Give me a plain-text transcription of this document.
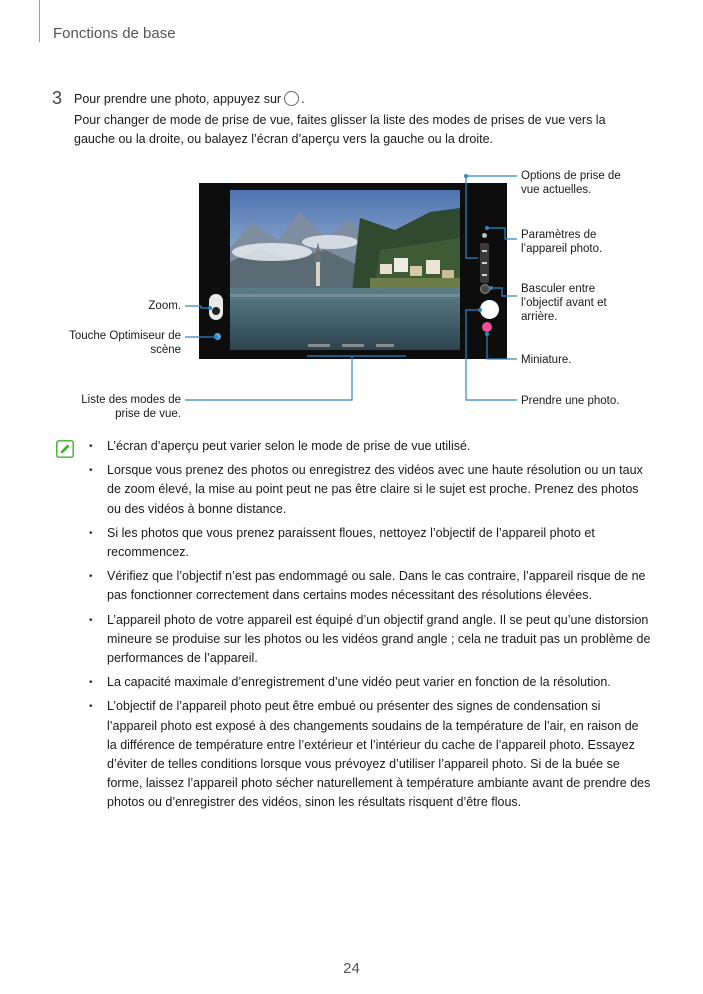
Fonctions de base
3 Pour prendre une photo, appuyez sur .
Pour changer de mode de prise de vue, faites glisser la liste des modes de prises de vue vers la gauche ou la droite, ou balayez l’écran d’aperçu vers la gauche ou la droite.
Options de prise de vue actuelles.
Paramètres de l’appareil photo.
Basculer entre l’objectif avant et arrière.
Miniature.
Prendre une photo.
Zoom.
Touche Optimiseur de scène
Liste des modes de prise de vue.
• L’écran d’aperçu peut varier selon le mode de prise de vue utilisé.
• Lorsque vous prenez des photos ou enregistrez des vidéos avec une haute résolution ou un taux de zoom élevé, la mise au point peut ne pas être claire si le sujet est proche. Prenez des photos ou des vidéos à bonne distance.
• Si les photos que vous prenez paraissent floues, nettoyez l’objectif de l’appareil photo et recommencez.
• Vérifiez que l’objectif n’est pas endommagé ou sale. Dans le cas contraire, l’appareil risque de ne pas fonctionner correctement dans certains modes nécessitant des résolutions élevées.
• L’appareil photo de votre appareil est équipé d’un objectif grand angle. Il se peut qu’une distorsion mineure se produise sur les photos ou les vidéos grand angle ; cela ne traduit pas un problème de performances de l’appareil.
• La capacité maximale d’enregistrement d’une vidéo peut varier en fonction de la résolution.
• L’objectif de l’appareil photo peut être embué ou présenter des signes de condensation si l’appareil photo est exposé à des changements soudains de la température de l’air, en raison de la différence de température entre l’extérieur et l’intérieur du cache de l’appareil photo. Essayez d’éviter de telles conditions lorsque vous prévoyez d’utiliser l’appareil photo. Si de la buée se forme, laissez l’appareil photo sécher naturellement à température ambiante avant de prendre des photos ou d’enregistrer des vidéos, sinon les résultats risquent d’être flous.
24
